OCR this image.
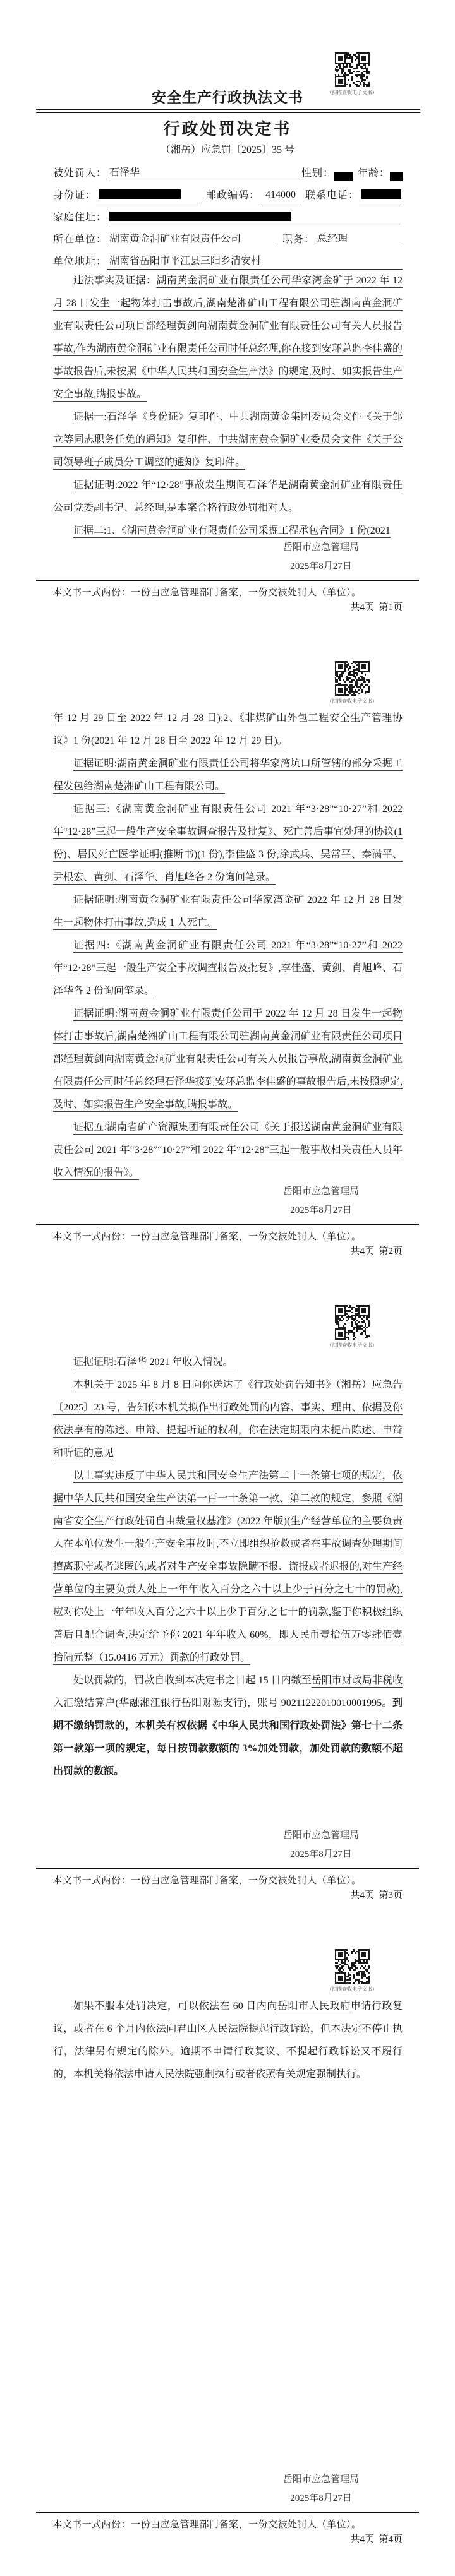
（扫描查收电子文书）
安全生产行政执法文书
行政处罚决定书
（湘岳）应急罚〔2025〕35 号
被处罚人： 石泽华	性别： 年龄：
身份证：	邮政编码： 414000 联系电话：
家庭住址：
所在单位： 湖南黄金洞矿业有限责任公司	职务： 总经理
单位地址： 湖南省岳阳市平江县三阳乡清安村

违法事实及证据：湖南黄金洞矿业有限责任公司华家湾金矿于 2022 年 12 月 28 日发生一起物体打击事故后,湖南楚湘矿山工程有限公司驻湖南黄金洞矿业有限责任公司项目部经理黄剑向湖南黄金洞矿业有限责任公司有关人员报告事故,作为湖南黄金洞矿业有限责任公司时任总经理,你在接到安环总监李佳盛的事故报告后,未按照《中华人民共和国安全生产法》的规定,及时、如实报告生产安全事故,瞒报事故。

证据一:石泽华《身份证》复印件、中共湖南黄金集团委员会文件《关于邹立等同志职务任免的通知》复印件、中共湖南黄金洞矿业委员会文件《关于公司领导班子成员分工调整的通知》复印件。

证据证明:2022 年“12·28”事故发生期间石泽华是湖南黄金洞矿业有限责任公司党委副书记、总经理,是本案合格行政处罚相对人。

证据二:1、《湖南黄金洞矿业有限责任公司采掘工程承包合同》1 份(2021

岳阳市应急管理局
2025年8月27日
本文书一式两份：一份由应急管理部门备案，一份交被处罚人（单位）。
共4页 第1页
（扫描查收电子文书）

年 12 月 29 日至 2022 年 12 月 28 日);2、《非煤矿山外包工程安全生产管理协议》1 份(2021 年 12 月 28 日至 2022 年 12 月 29 日)。

证据证明:湖南黄金洞矿业有限责任公司将华家湾坑口所管辖的部分采掘工程发包给湖南楚湘矿山工程有限公司。

证据三:《湖南黄金洞矿业有限责任公司 2021 年“3·28”“10·27”和 2022 年“12·28”三起一般生产安全事故调查报告及批复》、死亡善后事宜处理的协议(1 份)、居民死亡医学证明(推断书)(1 份),李佳盛 3 份,涂武兵、吴常平、秦满平、尹根宏、黄剑、石泽华、肖旭峰各 2 份询问笔录。

证据证明:湖南黄金洞矿业有限责任公司华家湾金矿 2022 年 12 月 28 日发生一起物体打击事故,造成 1 人死亡。

证据四:《湖南黄金洞矿业有限责任公司 2021 年“3·28”“10·27”和 2022 年“12·28”三起一般生产安全事故调查报告及批复》,李佳盛、黄剑、肖旭峰、石泽华各 2 份询问笔录。

证据证明:湖南黄金洞矿业有限责任公司于 2022 年 12 月 28 日发生一起物体打击事故后,湖南楚湘矿山工程有限公司驻湖南黄金洞矿业有限责任公司项目部经理黄剑向湖南黄金洞矿业有限责任公司有关人员报告事故,湖南黄金洞矿业有限责任公司时任总经理石泽华接到安环总监李佳盛的事故报告后,未按照规定,及时、如实报告生产安全事故,瞒报事故。

证据五:湖南省矿产资源集团有限责任公司《关于报送湖南黄金洞矿业有限责任公司 2021 年“3·28”“10·27”和 2022 年“12·28”三起一般事故相关责任人员年收入情况的报告》。

岳阳市应急管理局
2025年8月27日
本文书一式两份：一份由应急管理部门备案，一份交被处罚人（单位）。
共4页 第2页
（扫描查收电子文书）

证据证明:石泽华 2021 年收入情况。

本机关于 2025 年 8 月 8 日向你送达了《行政处罚告知书》（湘岳）应急告〔2025〕23 号，告知你本机关拟作出行政处罚的内容、事实、理由、依据及你依法享有的陈述、申辩、提起听证的权利，你在法定期限内未提出陈述、申辩和听证的意见

以上事实违反了中华人民共和国安全生产法第二十一条第七项的规定，依据中华人民共和国安全生产法第一百一十条第一款、第二款的规定，参照《湖南省安全生产行政处罚自由裁量权基准》(2022 年版)(生产经营单位的主要负责人在本单位发生一般生产安全事故时,不立即组织抢救或者在事故调查处理期间擅离职守或者逃匿的,或者对生产安全事故隐瞒不报、谎报或者迟报的,对生产经营单位的主要负责人处上一年年收入百分之六十以上少于百分之七十的罚款),应对你处上一年年收入百分之六十以上少于百分之七十的罚款,鉴于你积极组织善后且配合调查,决定给予你 2021 年年收入 60%，即人民币壹拾伍万零肆佰壹拾陆元整（15.0416 万元）罚款的行政处罚。

处以罚款的，罚款自收到本决定书之日起 15 日内缴至岳阳市财政局非税收入汇缴结算户(华融湘江银行岳阳财源支行)，账号 90211222010010001995。到期不缴纳罚款的，本机关有权依据《中华人民共和国行政处罚法》第七十二条第一款第一项的规定，每日按罚款数额的 3%加处罚款，加处罚款的数额不超出罚款的数额。

岳阳市应急管理局
2025年8月27日
本文书一式两份：一份由应急管理部门备案，一份交被处罚人（单位）。
共4页 第3页
（扫描查收电子文书）

如果不服本处罚决定，可以依法在 60 日内向岳阳市人民政府申请行政复议，或者在 6 个月内依法向君山区人民法院提起行政诉讼，但本决定不停止执行，法律另有规定的除外。逾期不申请行政复议、不提起行政诉讼又不履行的，本机关将依法申请人民法院强制执行或者依照有关规定强制执行。

岳阳市应急管理局
2025年8月27日
本文书一式两份：一份由应急管理部门备案，一份交被处罚人（单位）。
共4页 第4页
